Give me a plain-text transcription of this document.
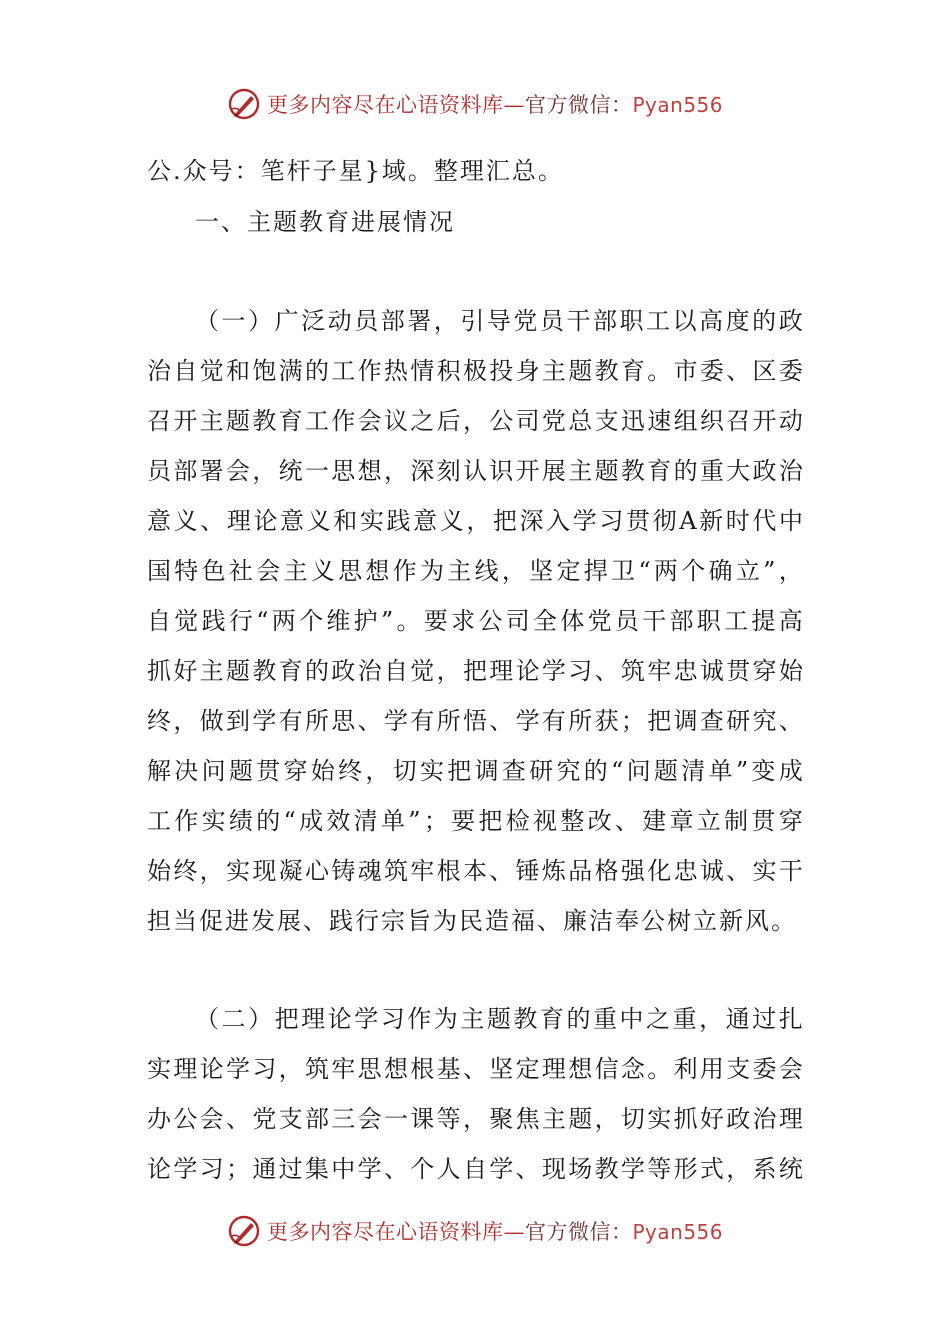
更多内容尽在心语资料库—官方微信：Pyan556
公.众号：笔杆子星}域。整理汇总。
一、主题教育进展情况
（ 一 ） 广 泛 动 员 部 署 ， 引 导 党 员 干 部 职 工 以 高 度 的 政
治 自 觉 和 饱 满 的 工 作 热 情 积 极 投 身 主 题 教 育 。 市 委 、 区 委
召 开 主 题 教 育 工 作 会 议 之 后 ， 公 司 党 总 支 迅 速 组 织 召 开 动
员 部 署 会 ， 统 一 思 想 ， 深 刻 认 识 开 展 主 题 教 育 的 重 大 政 治
意 义 、 理 论 意 义 和 实 践 意 义 ， 把 深 入 学 习 贯 彻 A 新 时 代 中
国 特 色 社 会 主 义 思 想 作 为 主 线 ， 坚 定 捍 卫 “ 两 个 确 立 ” ，
自 觉 践 行 “ 两 个 维 护 ” 。 要 求 公 司 全 体 党 员 干 部 职 工 提 高
抓 好 主 题 教 育 的 政 治 自 觉 ， 把 理 论 学 习 、 筑 牢 忠 诚 贯 穿 始
终 ， 做 到 学 有 所 思 、 学 有 所 悟 、 学 有 所 获 ； 把 调 查 研 究 、
解 决 问 题 贯 穿 始 终 ， 切 实 把 调 查 研 究 的 “ 问 题 清 单 ” 变 成
工 作 实 绩 的 “ 成 效 清 单 ” ； 要 把 检 视 整 改 、 建 章 立 制 贯 穿
始 终 ， 实 现 凝 心 铸 魂 筑 牢 根 本 、 锤 炼 品 格 强 化 忠 诚 、 实 干
担当促进发展、践行宗旨为民造福、廉洁奉公树立新风。
（ 二 ） 把 理 论 学 习 作 为 主 题 教 育 的 重 中 之 重 ， 通 过 扎
实 理 论 学 习 ， 筑 牢 思 想 根 基 、 坚 定 理 想 信 念 。 利 用 支 委 会
办 公 会 、 党 支 部 三 会 一 课 等 ， 聚 焦 主 题 ， 切 实 抓 好 政 治 理
论 学 习 ； 通 过 集 中 学 、 个 人 自 学 、 现 场 教 学 等 形 式 ， 系 统
更多内容尽在心语资料库—官方微信：Pyan556
